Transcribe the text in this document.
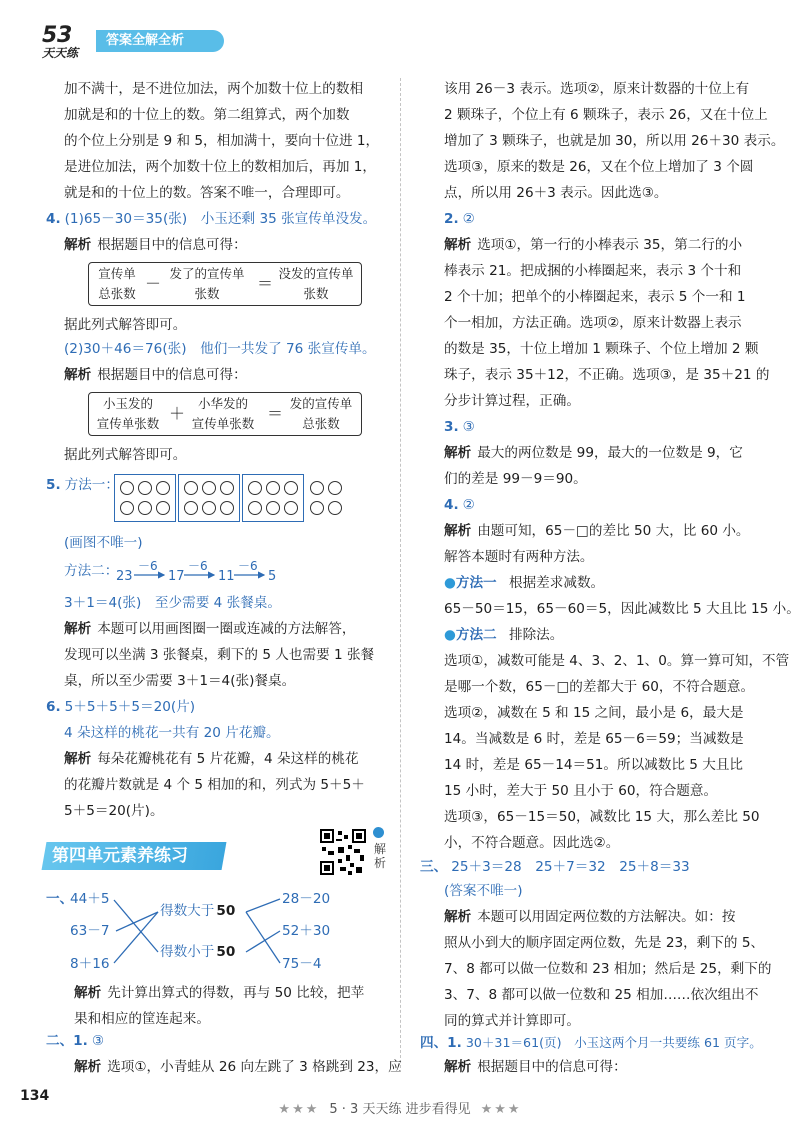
5 3
天天练
答案全解全析
加不满十，是不进位加法，两个加数十位上的数相
加就是和的十位上的数。第二组算式，两个加数
的个位上分别是 9 和 5，相加满十，要向十位进 1，
是进位加法，两个加数十位上的数相加后，再加 1，
就是和的十位上的数。答案不唯一，合理即可。
4. (1)65－30＝35(张)　小玉还剩 35 张宣传单没发。
解析 根据题目中的信息可得：
宣传单
总张数
－
发了的宣传单
张数
＝
没发的宣传单
张数
据此列式解答即可。
(2)30＋46＝76(张)　他们一共发了 76 张宣传单。
解析 根据题目中的信息可得：
小玉发的
宣传单张数
＋
小华发的
宣传单张数
＝
发的宣传单
总张数
据此列式解答即可。
5. 方法一：
(画图不唯一)
方法二：
23
－6
17
－6
11
－6
5
3＋1＝4(张)　至少需要 4 张餐桌。
解析 本题可以用画图圈一圈或连减的方法解答，
发现可以坐满 3 张餐桌，剩下的 5 人也需要 1 张餐
桌，所以至少需要 3＋1＝4(张)餐桌。
6. 5＋5＋5＋5＝20(片)
4 朵这样的桃花一共有 20 片花瓣。
解析 每朵花瓣桃花有 5 片花瓣，4 朵这样的桃花
的花瓣片数就是 4 个 5 相加的和，列式为 5＋5＋
5＋5＝20(片)。
第四单元素养练习	解析
一、
44＋5
63－7
8＋16
得数大于 50
得数小于 50
28－20
52＋30
75－4
解析 先计算出算式的得数，再与 50 比较，把苹
果和相应的筐连起来。
二、1. ③
解析 选项①，小青蛙从 26 向左跳了 3 格跳到 23，应
该用 26－3 表示。选项②，原来计数器的十位上有
2 颗珠子，个位上有 6 颗珠子，表示 26，又在十位上
增加了 3 颗珠子，也就是加 30，所以用 26＋30 表示。
选项③，原来的数是 26，又在个位上增加了 3 个圆
点，所以用 26＋3 表示。因此选③。
2. ②
解析 选项①，第一行的小棒表示 35，第二行的小
棒表示 21。把成捆的小棒圈起来，表示 3 个十和
2 个十加；把单个的小棒圈起来，表示 5 个一和 1
个一相加，方法正确。选项②，原来计数器上表示
的数是 35，十位上增加 1 颗珠子、个位上增加 2 颗
珠子，表示 35＋12，不正确。选项③，是 35＋21 的
分步计算过程，正确。
3. ③
解析 最大的两位数是 99，最大的一位数是 9，它
们的差是 99－9＝90。
4. ②
解析 由题可知，65－□的差比 50 大，比 60 小。
解答本题时有两种方法。
●方法一 根据差求减数。
65－50＝15，65－60＝5，因此减数比 5 大且比 15 小。
●方法二 排除法。
选项①，减数可能是 4、3、2、1、0。算一算可知，不管
是哪一个数，65－□的差都大于 60，不符合题意。
选项②，减数在 5 和 15 之间，最小是 6，最大是
14。当减数是 6 时，差是 65－6＝59；当减数是
14 时，差是 65－14＝51。所以减数比 5 大且比
15 小时，差大于 50 且小于 60，符合题意。
选项③，65－15＝50，减数比 15 大，那么差比 50
小，不符合题意。因此选②。
三、 25＋3＝28　25＋7＝32　25＋8＝33
(答案不唯一)
解析 本题可以用固定两位数的方法解决。如：按
照从小到大的顺序固定两位数，先是 23，剩下的 5、
7、8 都可以做一位数和 23 相加；然后是 25，剩下的
3、7、8 都可以做一位数和 25 相加……依次组出不
同的算式并计算即可。
四、1. 30＋31＝61(页)　小玉这两个月一共要练 61 页字。
解析 根据题目中的信息可得：
134
★★★ 5 · 3 天天练 进步看得见 ★★★
